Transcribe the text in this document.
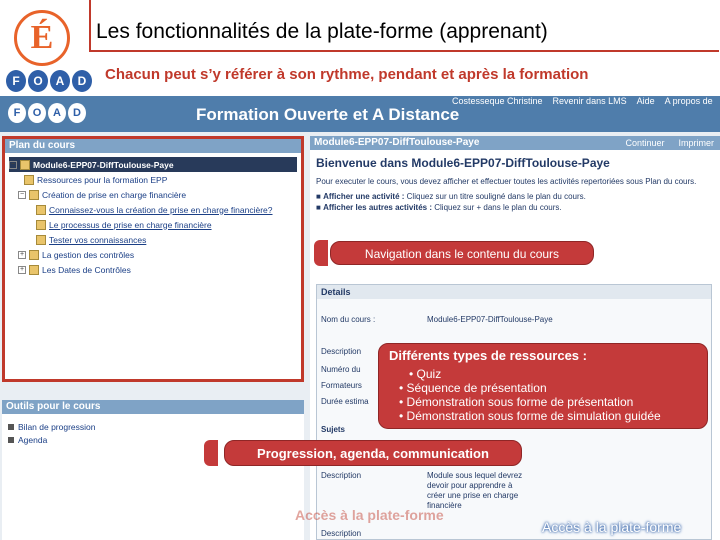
É
F	O	A	D
Les fonctionnalités de la plate-forme (apprenant)
Chacun peut s’y référer à son rythme, pendant et après la formation
F	O	A	D	Formation Ouverte et A Distance
Costesseque Christine Revenir dans LMS Aide A propos de
Plan du cours
− Module6-EPP07-DiffToulouse-Paye
Ressources pour la formation EPP
− Création de prise en charge financière
Connaissez-vous la création de prise en charge financière?
Le processus de prise en charge financière
Tester vos connaissances
+ La gestion des contrôles
+ Les Dates de Contrôles
Outils pour le cours
Bilan de progression
Agenda
Module6-EPP07-DiffToulouse-Paye	Continuer Imprimer
Bienvenue dans Module6-EPP07-DiffToulouse-Paye
Pour executer le cours, vous devez afficher et effectuer toutes les activités repertoriées sous Plan du cours.
■ Afficher une activité : Cliquez sur un titre souligné dans le plan du cours.
■ Afficher les autres activités : Cliquez sur + dans le plan du cours.
Details
Nom du cours :	Module6-EPP07-DiffToulouse-Paye
Description
Numéro du
Formateurs
Durée estima
Sujets
Description	Module sous lequel devrez devoir pour apprendre à créer une prise en charge financière
Description
Navigation dans le contenu du cours
Différents types de ressources :
• Quiz
• Séquence de présentation
• Démonstration sous forme de présentation
• Démonstration sous forme de simulation guidée
Progression, agenda, communication
Accès à la plate-forme
Accès à la plate-forme
